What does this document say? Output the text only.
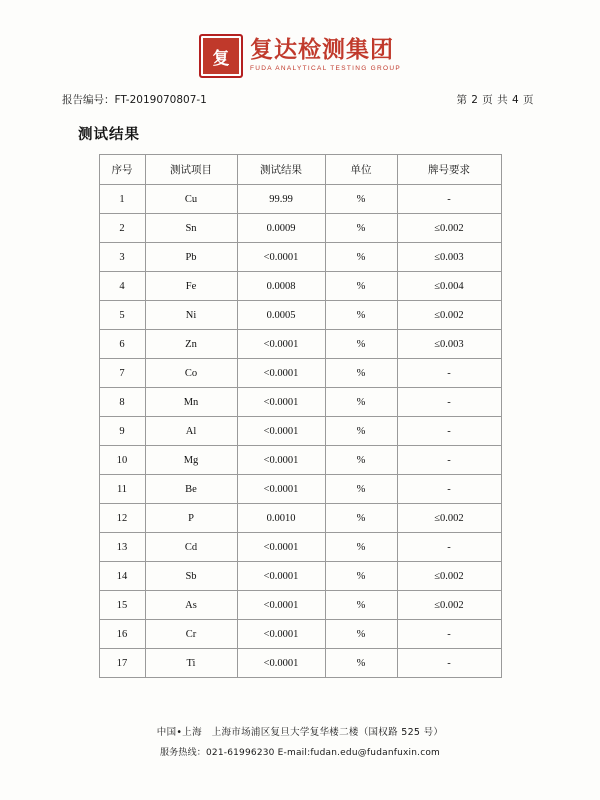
复 复达检测集团
FUDA ANALYTICAL TESTING GROUP
报告编号：FT-2019070807-1	第 2 页 共 4 页
测试结果
序号	测试项目	测试结果	单位	牌号要求
1	Cu	99.99	%	-
2	Sn	0.0009	%	≤0.002
3	Pb	<0.0001	%	≤0.003
4	Fe	0.0008	%	≤0.004
5	Ni	0.0005	%	≤0.002
6	Zn	<0.0001	%	≤0.003
7	Co	<0.0001	%	-
8	Mn	<0.0001	%	-
9	Al	<0.0001	%	-
10	Mg	<0.0001	%	-
11	Be	<0.0001	%	-
12	P	0.0010	%	≤0.002
13	Cd	<0.0001	%	-
14	Sb	<0.0001	%	≤0.002
15	As	<0.0001	%	≤0.002
16	Cr	<0.0001	%	-
17	Ti	<0.0001	%	-
中国•上海　上海市场浦区复旦大学复华楼二楼（国权路 525 号）
服务热线：021-61996230 E-mail:fudan.edu@fudanfuxin.com
